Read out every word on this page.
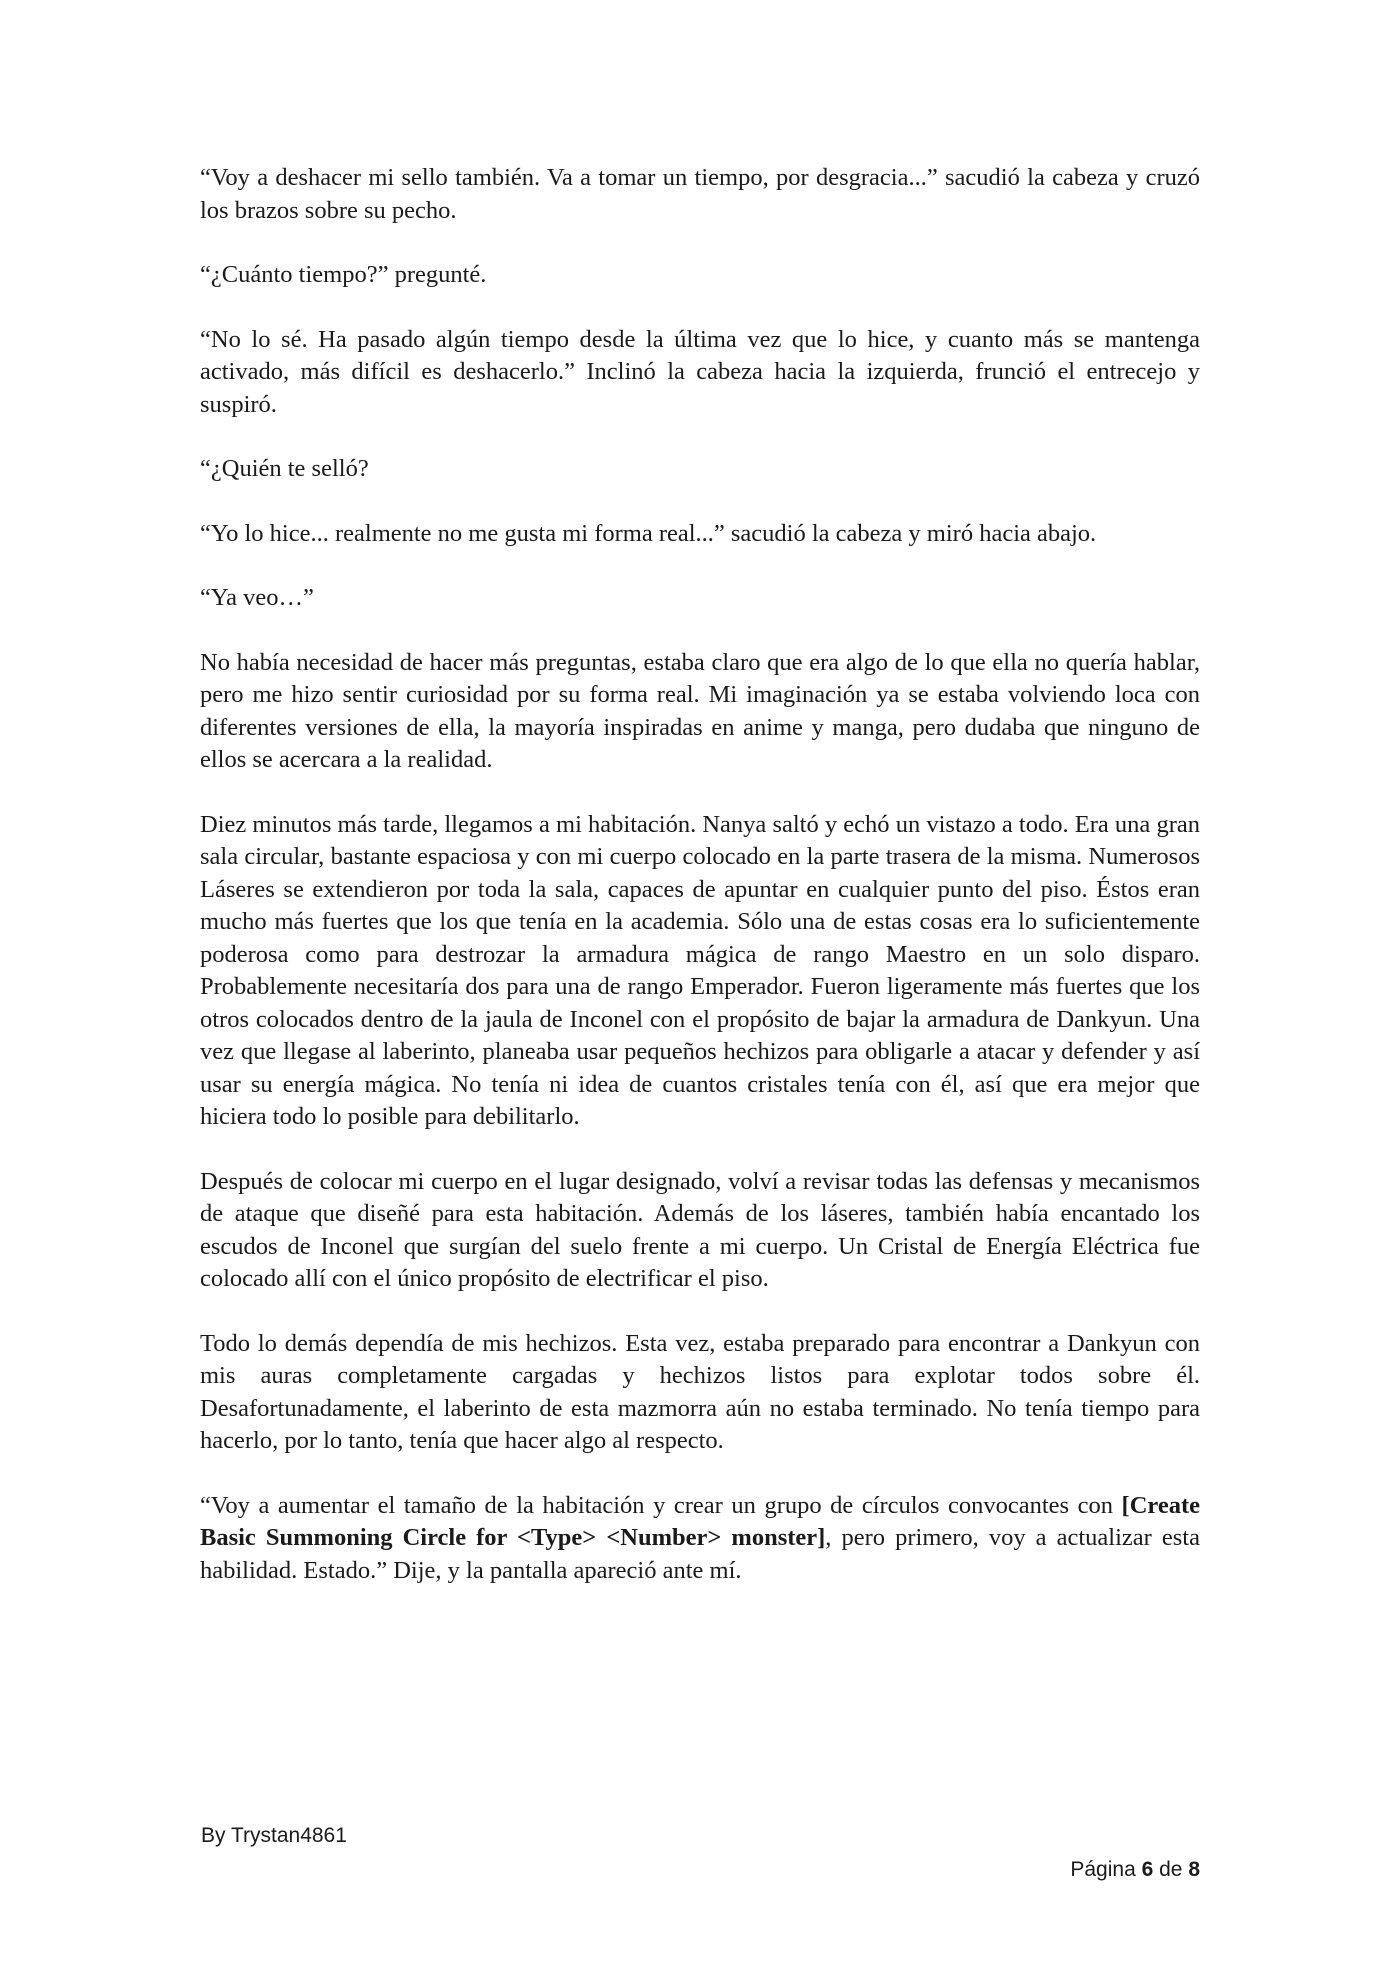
“Voy a deshacer mi sello también. Va a tomar un tiempo, por desgracia...” sacudió la cabeza y cruzó los brazos sobre su pecho.

“¿Cuánto tiempo?” pregunté.

“No lo sé. Ha pasado algún tiempo desde la última vez que lo hice, y cuanto más se mantenga activado, más difícil es deshacerlo.” Inclinó la cabeza hacia la izquierda, frunció el entrecejo y suspiró.

“¿Quién te selló?

“Yo lo hice... realmente no me gusta mi forma real...” sacudió la cabeza y miró hacia abajo.

“Ya veo…”

No había necesidad de hacer más preguntas, estaba claro que era algo de lo que ella no quería hablar, pero me hizo sentir curiosidad por su forma real. Mi imaginación ya se estaba volviendo loca con diferentes versiones de ella, la mayoría inspiradas en anime y manga, pero dudaba que ninguno de ellos se acercara a la realidad.

Diez minutos más tarde, llegamos a mi habitación. Nanya saltó y echó un vistazo a todo. Era una gran sala circular, bastante espaciosa y con mi cuerpo colocado en la parte trasera de la misma. Numerosos Láseres se extendieron por toda la sala, capaces de apuntar en cualquier punto del piso. Éstos eran mucho más fuertes que los que tenía en la academia. Sólo una de estas cosas era lo suficientemente poderosa como para destrozar la armadura mágica de rango Maestro en un solo disparo. Probablemente necesitaría dos para una de rango Emperador. Fueron ligeramente más fuertes que los otros colocados dentro de la jaula de Inconel con el propósito de bajar la armadura de Dankyun. Una vez que llegase al laberinto, planeaba usar pequeños hechizos para obligarle a atacar y defender y así usar su energía mágica. No tenía ni idea de cuantos cristales tenía con él, así que era mejor que hiciera todo lo posible para debilitarlo.

Después de colocar mi cuerpo en el lugar designado, volví a revisar todas las defensas y mecanismos de ataque que diseñé para esta habitación. Además de los láseres, también había encantado los escudos de Inconel que surgían del suelo frente a mi cuerpo. Un Cristal de Energía Eléctrica fue colocado allí con el único propósito de electrificar el piso.

Todo lo demás dependía de mis hechizos. Esta vez, estaba preparado para encontrar a Dankyun con mis auras completamente cargadas y hechizos listos para explotar todos sobre él. Desafortunadamente, el laberinto de esta mazmorra aún no estaba terminado. No tenía tiempo para hacerlo, por lo tanto, tenía que hacer algo al respecto.

“Voy a aumentar el tamaño de la habitación y crear un grupo de círculos convocantes con [Create Basic Summoning Circle for <Type> <Number> monster], pero primero, voy a actualizar esta habilidad. Estado.” Dije, y la pantalla apareció ante mí.

By Trystan4861
Página 6 de 8
